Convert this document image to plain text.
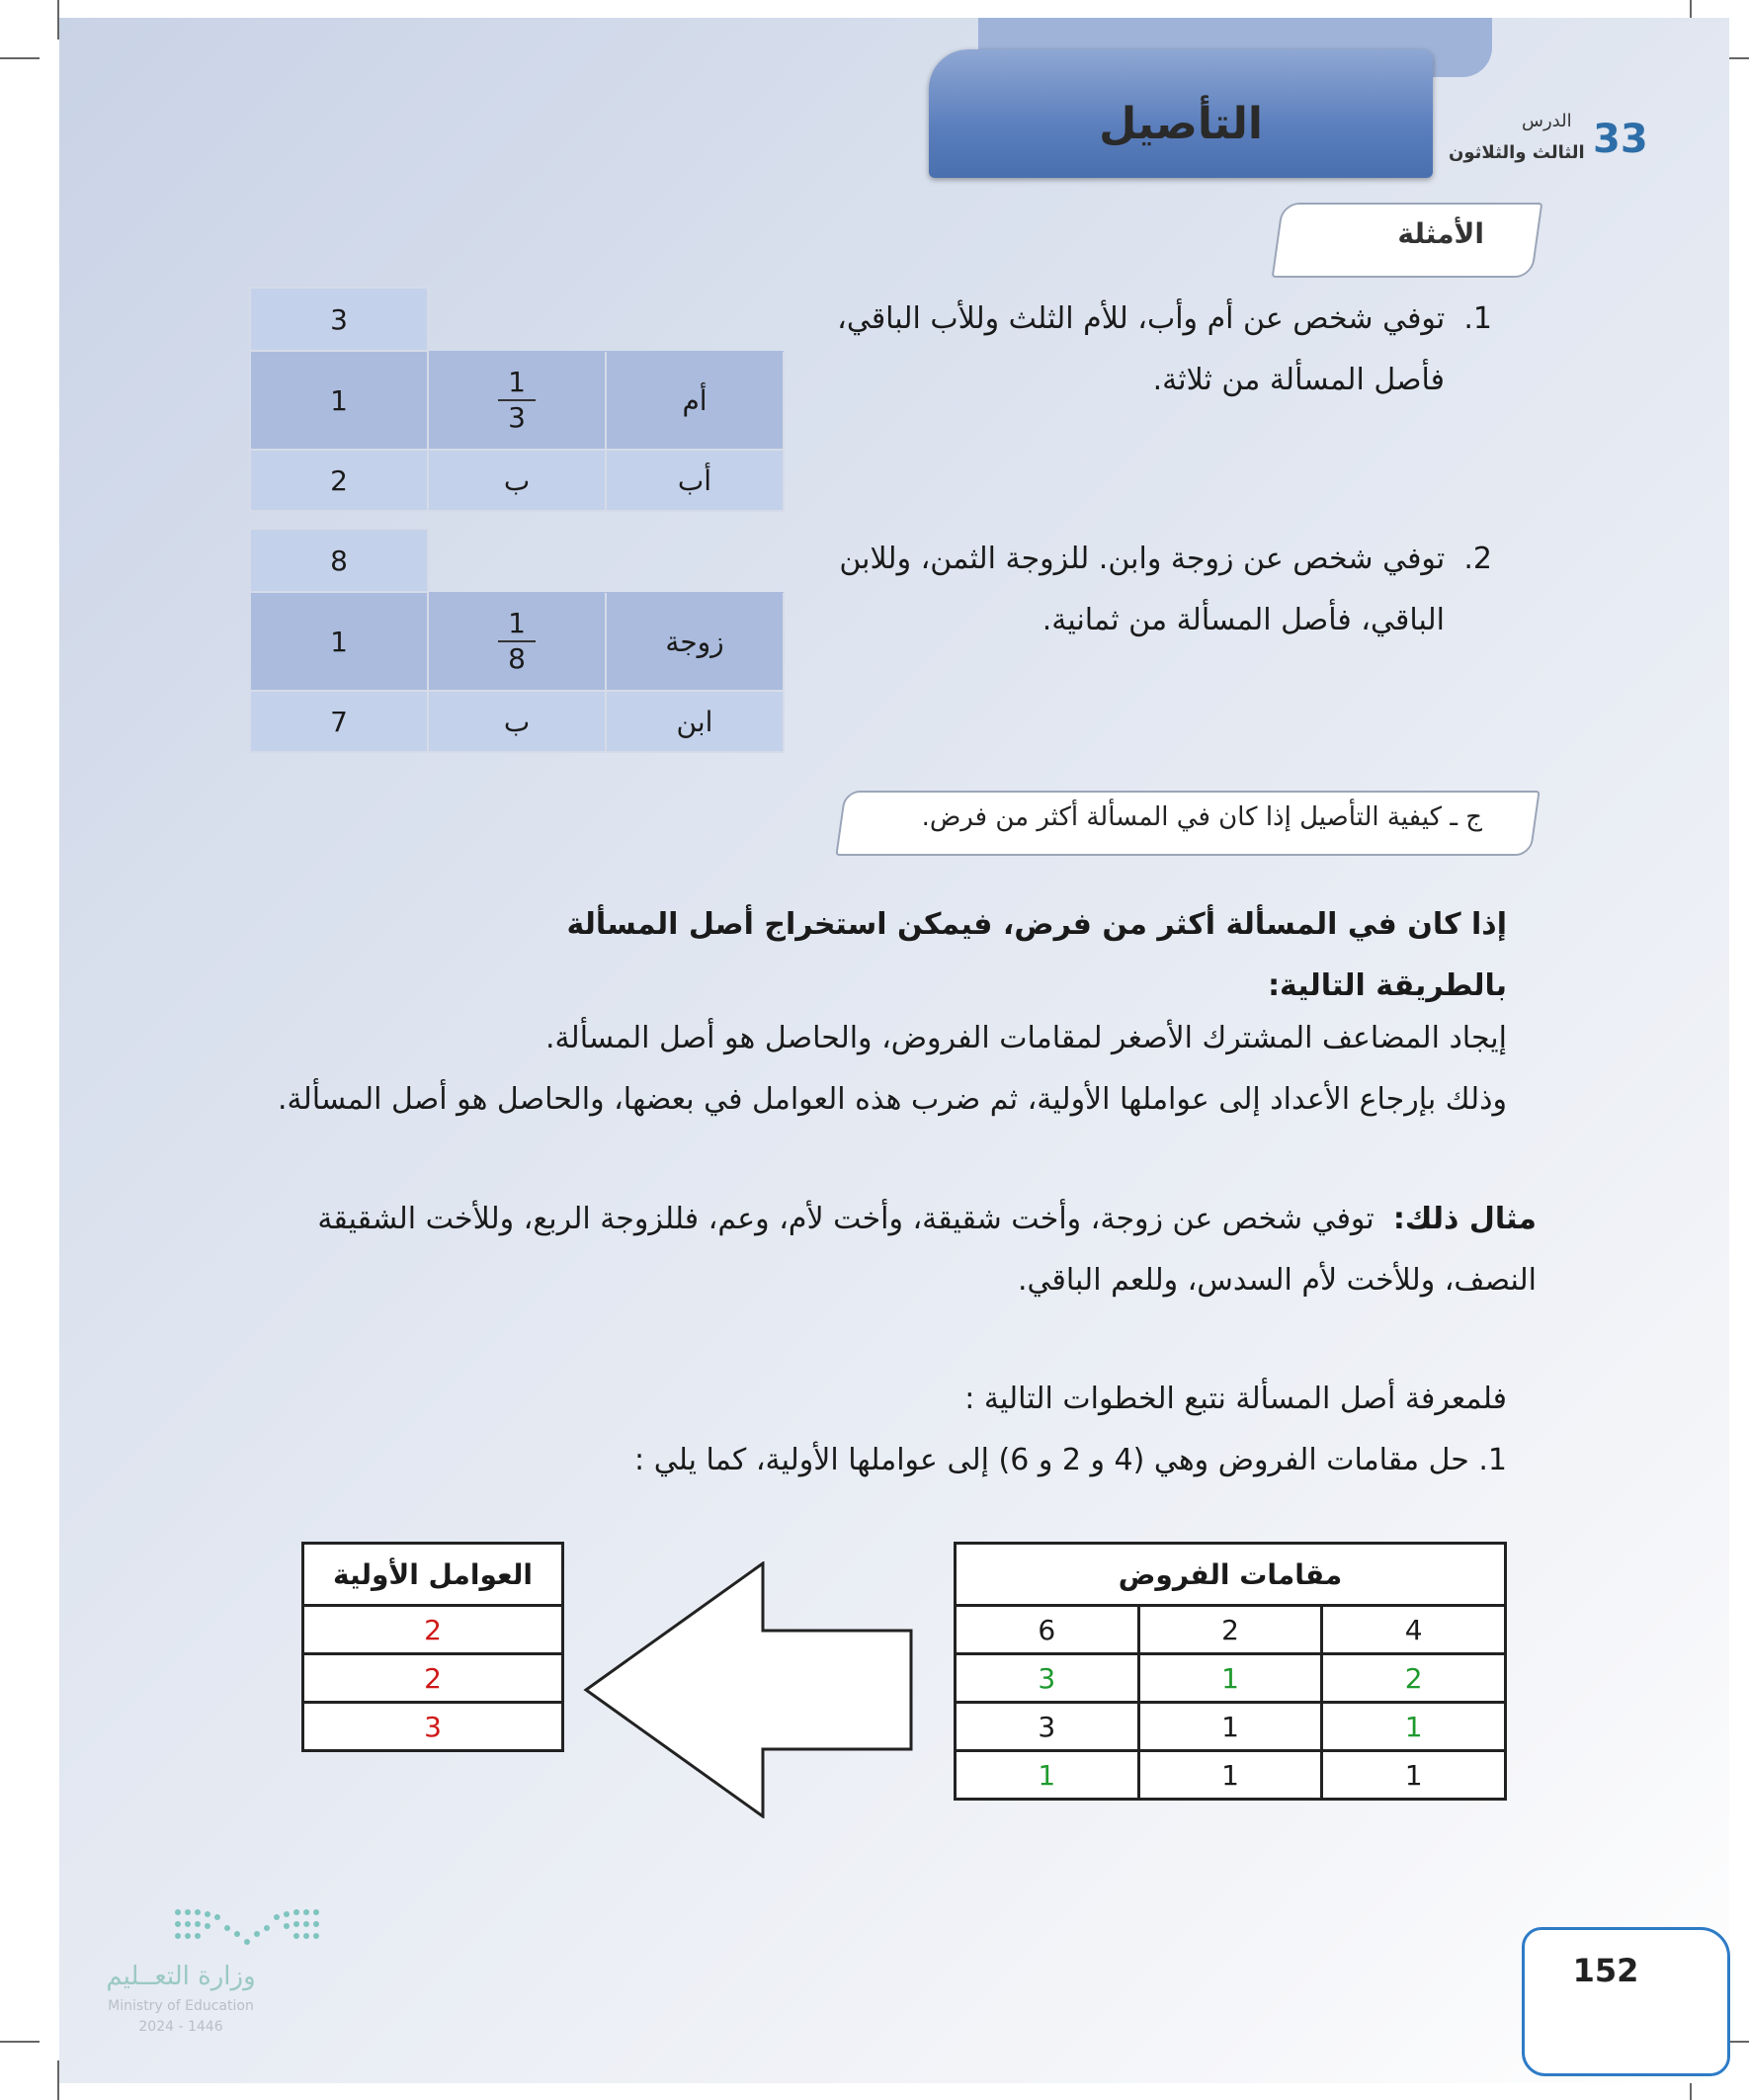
التأصيل	33
الدرس
الثالث والثلاثون
الأمثلة
1.  توفي شخص عن أم وأب، للأم الثلث وللأب الباقي،
فأصل المسألة من ثلاثة.
3		
1	$\frac{1}{3}$	أم
2	ب	أب
2.  توفي شخص عن زوجة وابن. للزوجة الثمن، وللابن
الباقي، فأصل المسألة من ثمانية.
8		
1	$\frac{1}{8}$	زوجة
7	ب	ابن
ج ـ كيفية التأصيل إذا كان في المسألة أكثر من فرض.
إذا كان في المسألة أكثر من فرض، فيمكن استخراج أصل المسألة بالطريقة التالية:
إيجاد المضاعف المشترك الأصغر لمقامات الفروض، والحاصل هو أصل المسألة.
وذلك بإرجاع الأعداد إلى عواملها الأولية، ثم ضرب هذه العوامل في بعضها، والحاصل هو أصل المسألة.
مثال ذلك:  توفي شخص عن زوجة، وأخت شقيقة، وأخت لأم، وعم، فللزوجة الربع، وللأخت الشقيقة
النصف، وللأخت لأم السدس، وللعم الباقي.
فلمعرفة أصل المسألة نتبع الخطوات التالية :
1. حل مقامات الفروض وهي (4 و 2 و 6) إلى عواملها الأولية، كما يلي :
مقامات الفروض		
6	2	4
3	1	2
3	1	1
1	1	1
العوامل الأولية
2
2
3
وزارة التعــليم
Ministry of Education
2024 - 1446
152
